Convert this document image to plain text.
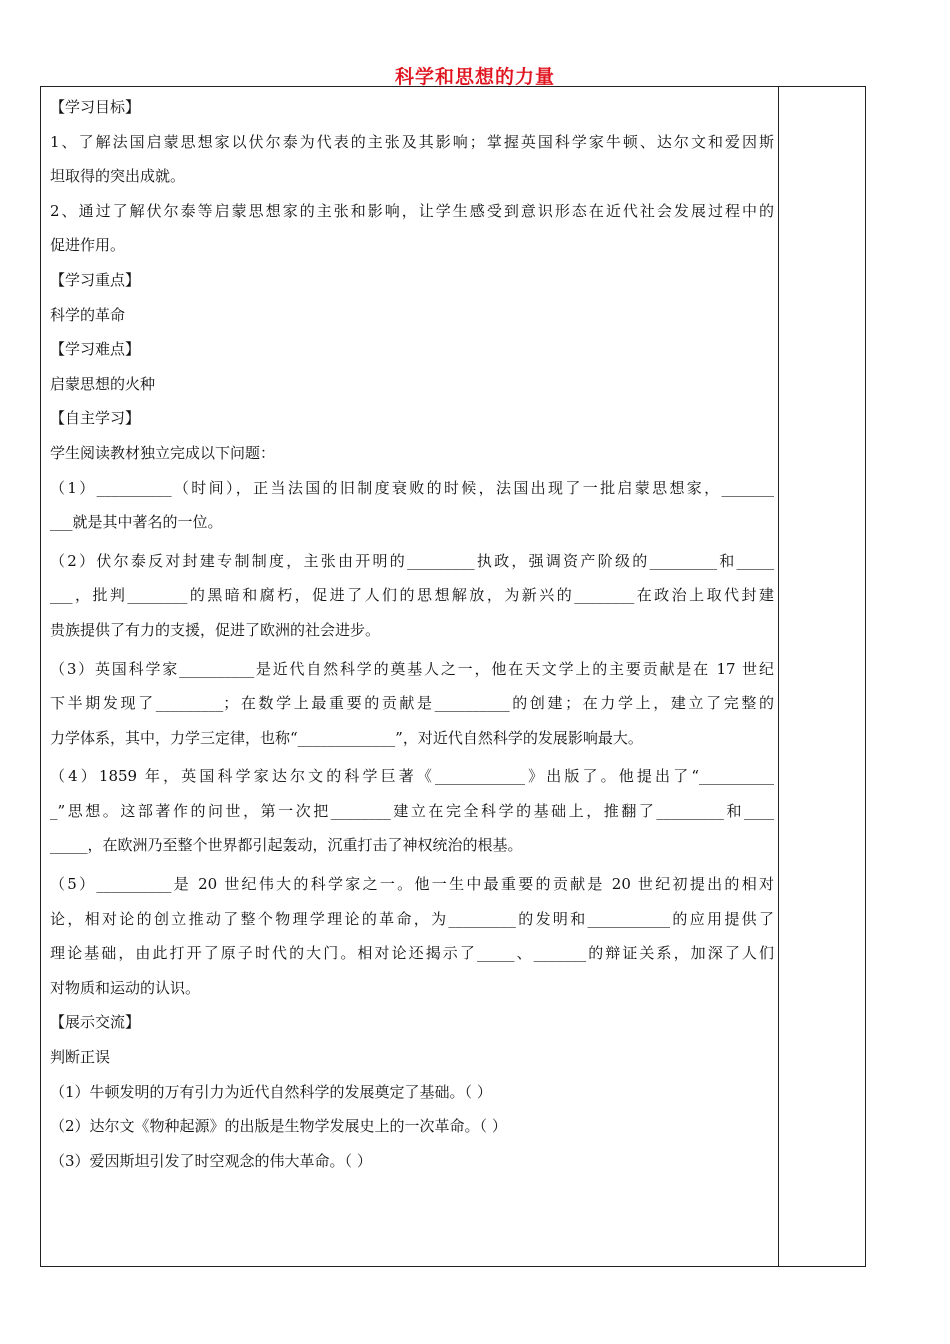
科学和思想的力量
【学习目标】
1、了解法国启蒙思想家以伏尔泰为代表的主张及其影响；掌握英国科学家牛顿、达尔文和爱因斯
坦取得的突出成就。
2、通过了解伏尔泰等启蒙思想家的主张和影响，让学生感受到意识形态在近代社会发展过程中的
促进作用。
【学习重点】
科学的革命
【学习难点】
启蒙思想的火种
【自主学习】
学生阅读教材独立完成以下问题：
（1）__________（时间），正当法国的旧制度衰败的时候，法国出现了一批启蒙思想家，_______
___就是其中著名的一位。
（2）伏尔泰反对封建专制制度，主张由开明的_________执政，强调资产阶级的_________和_____
___，批判________的黑暗和腐朽，促进了人们的思想解放，为新兴的________在政治上取代封建
贵族提供了有力的支援，促进了欧洲的社会进步。
（3）英国科学家__________是近代自然科学的奠基人之一，他在天文学上的主要贡献是在 17 世纪
下半期发现了_________；在数学上最重要的贡献是__________的创建；在力学上，建立了完整的
力学体系，其中，力学三定律，也称“_____________”，对近代自然科学的发展影响最大。
（4）1859 年，英国科学家达尔文的科学巨著《____________》出版了。他提出了“__________
_”思想。这部著作的问世，第一次把________建立在完全科学的基础上，推翻了_________和____
_____，在欧洲乃至整个世界都引起轰动，沉重打击了神权统治的根基。
（5）__________是 20 世纪伟大的科学家之一。他一生中最重要的贡献是 20 世纪初提出的相对
论，相对论的创立推动了整个物理学理论的革命，为_________的发明和___________的应用提供了
理论基础，由此打开了原子时代的大门。相对论还揭示了_____、_______的辩证关系，加深了人们
对物质和运动的认识。
【展示交流】
判断正误
（1）牛顿发明的万有引力为近代自然科学的发展奠定了基础。（ ）
（2）达尔文《物种起源》的出版是生物学发展史上的一次革命。（ ）
（3）爱因斯坦引发了时空观念的伟大革命。（ ）
